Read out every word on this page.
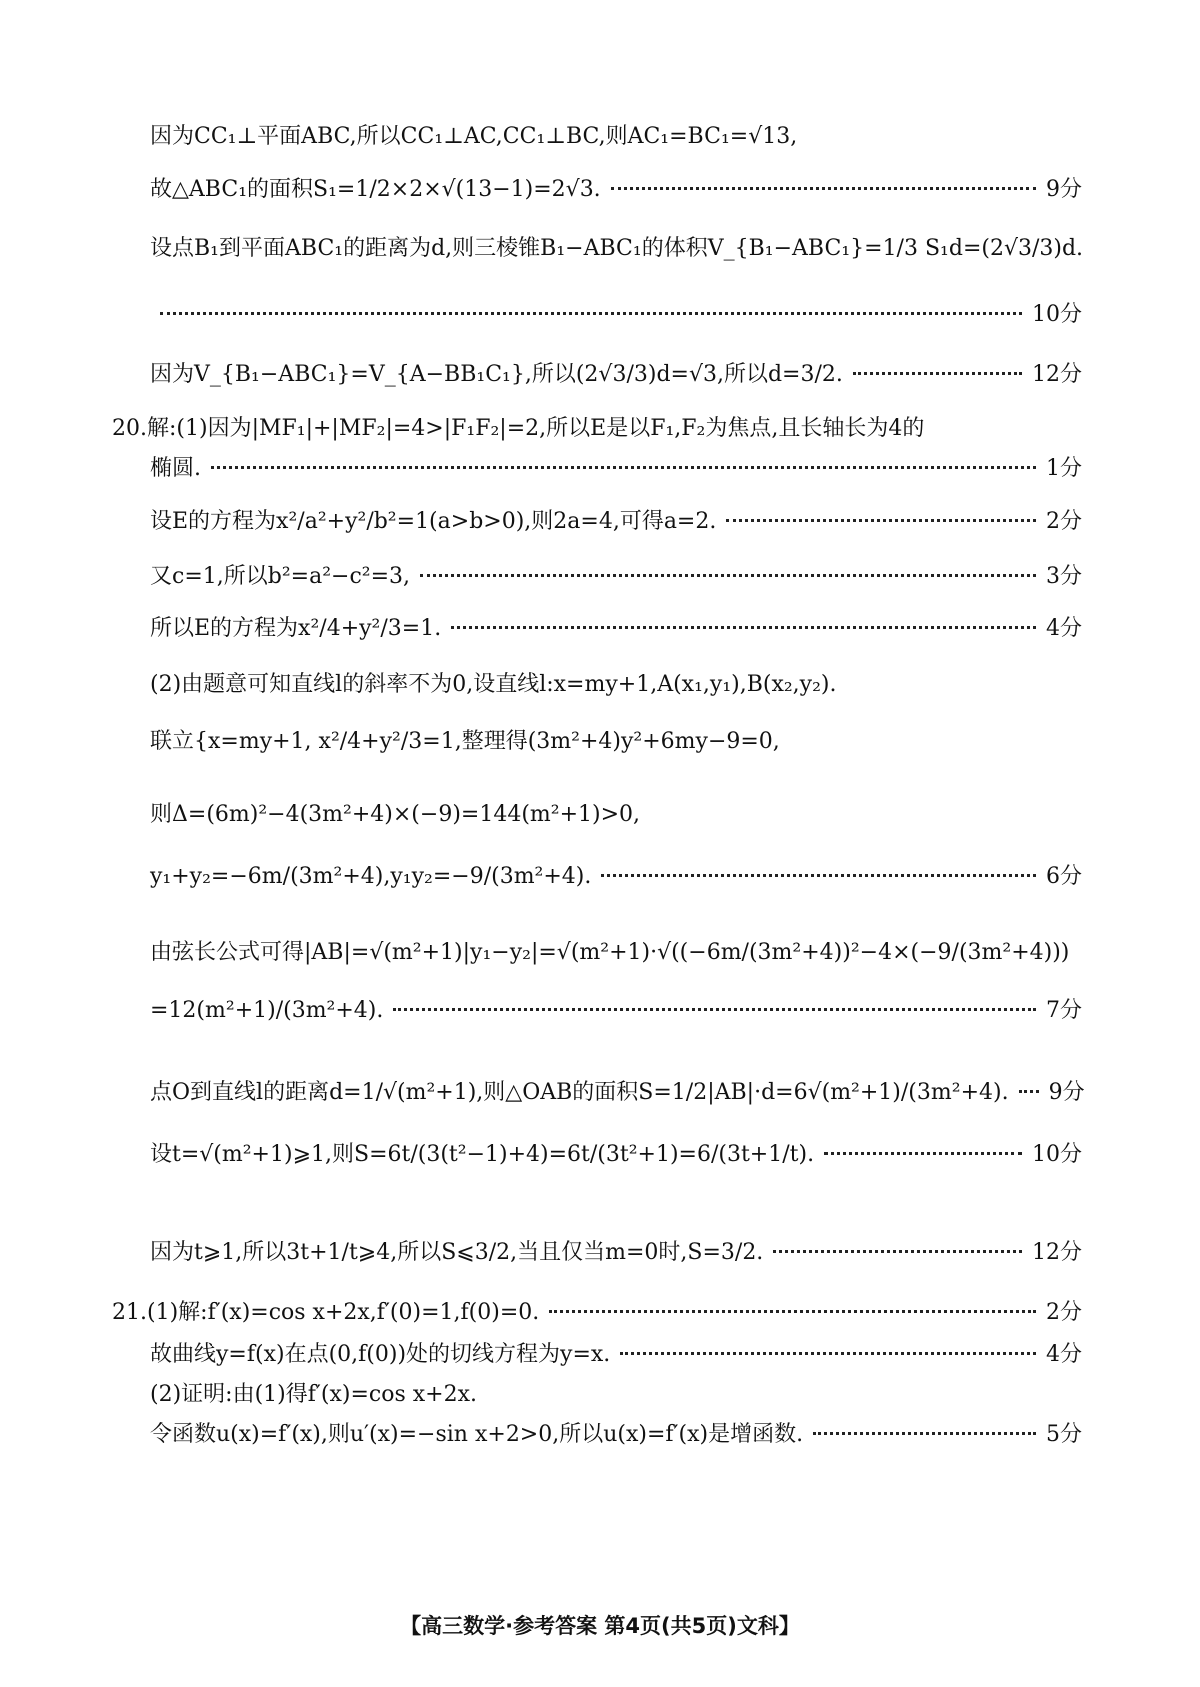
因为CC₁⊥平面ABC,所以CC₁⊥AC,CC₁⊥BC,则AC₁=BC₁=√13,
故△ABC₁的面积S₁=1/2×2×√(13−1)=2√3.	9分
设点B₁到平面ABC₁的距离为d,则三棱锥B₁−ABC₁的体积V_{B₁−ABC₁}=1/3 S₁d=(2√3/3)d.
10分
因为V_{B₁−ABC₁}=V_{A−BB₁C₁},所以(2√3/3)d=√3,所以d=3/2.	12分
20.解:(1)因为|MF₁|+|MF₂|=4>|F₁F₂|=2,所以E是以F₁,F₂为焦点,且长轴长为4的
椭圆.	1分
设E的方程为x²/a²+y²/b²=1(a>b>0),则2a=4,可得a=2.	2分
又c=1,所以b²=a²−c²=3,	3分
所以E的方程为x²/4+y²/3=1.	4分
(2)由题意可知直线l的斜率不为0,设直线l:x=my+1,A(x₁,y₁),B(x₂,y₂).
联立{x=my+1, x²/4+y²/3=1,整理得(3m²+4)y²+6my−9=0,
则Δ=(6m)²−4(3m²+4)×(−9)=144(m²+1)>0,
y₁+y₂=−6m/(3m²+4),y₁y₂=−9/(3m²+4).	6分
由弦长公式可得|AB|=√(m²+1)|y₁−y₂|=√(m²+1)·√((−6m/(3m²+4))²−4×(−9/(3m²+4)))
=12(m²+1)/(3m²+4).	7分
点O到直线l的距离d=1/√(m²+1),则△OAB的面积S=1/2|AB|·d=6√(m²+1)/(3m²+4). 9分
设t=√(m²+1)⩾1,则S=6t/(3(t²−1)+4)=6t/(3t²+1)=6/(3t+1/t).	10分
因为t⩾1,所以3t+1/t⩾4,所以S⩽3/2,当且仅当m=0时,S=3/2.	12分
21.(1)解:f′(x)=cos x+2x,f′(0)=1,f(0)=0.	2分
故曲线y=f(x)在点(0,f(0))处的切线方程为y=x.	4分
(2)证明:由(1)得f′(x)=cos x+2x.
令函数u(x)=f′(x),则u′(x)=−sin x+2>0,所以u(x)=f′(x)是增函数.	5分
【高三数学·参考答案 第4页(共5页)文科】
